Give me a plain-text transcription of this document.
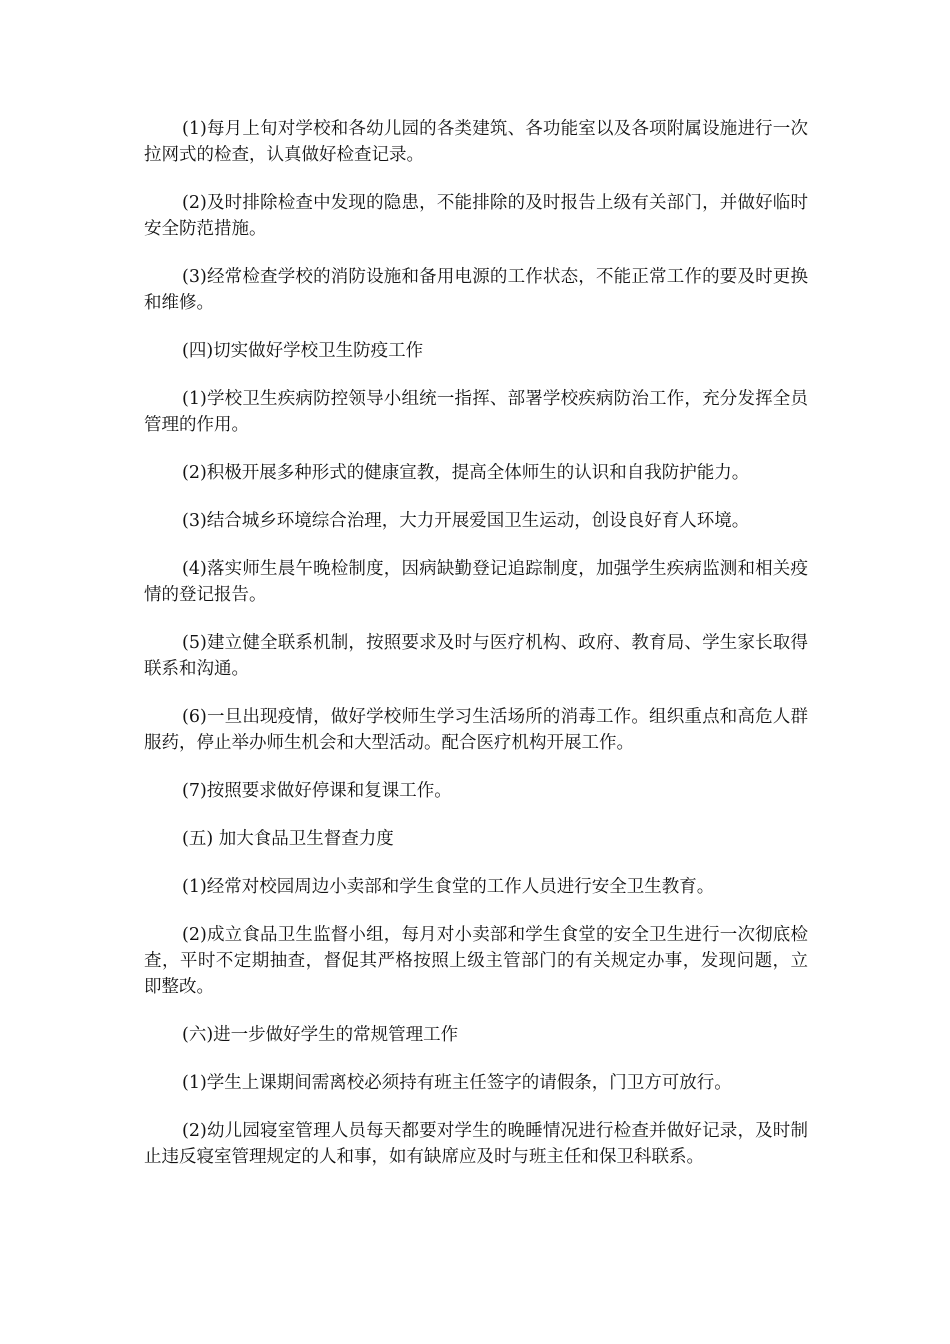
(1)每月上旬对学校和各幼儿园的各类建筑、各功能室以及各项附属设施进行一次拉网式的检查，认真做好检查记录。

(2)及时排除检查中发现的隐患，不能排除的及时报告上级有关部门，并做好临时安全防范措施。

(3)经常检查学校的消防设施和备用电源的工作状态，不能正常工作的要及时更换和维修。

(四)切实做好学校卫生防疫工作

(1)学校卫生疾病防控领导小组统一指挥、部署学校疾病防治工作，充分发挥全员管理的作用。

(2)积极开展多种形式的健康宣教，提高全体师生的认识和自我防护能力。

(3)结合城乡环境综合治理，大力开展爱国卫生运动，创设良好育人环境。

(4)落实师生晨午晚检制度，因病缺勤登记追踪制度，加强学生疾病监测和相关疫情的登记报告。

(5)建立健全联系机制，按照要求及时与医疗机构、政府、教育局、学生家长取得联系和沟通。

(6)一旦出现疫情，做好学校师生学习生活场所的消毒工作。组织重点和高危人群服药，停止举办师生机会和大型活动。配合医疗机构开展工作。

(7)按照要求做好停课和复课工作。

(五) 加大食品卫生督查力度

(1)经常对校园周边小卖部和学生食堂的工作人员进行安全卫生教育。

(2)成立食品卫生监督小组，每月对小卖部和学生食堂的安全卫生进行一次彻底检查，平时不定期抽查，督促其严格按照上级主管部门的有关规定办事，发现问题，立即整改。

(六)进一步做好学生的常规管理工作

(1)学生上课期间需离校必须持有班主任签字的请假条，门卫方可放行。

(2)幼儿园寝室管理人员每天都要对学生的晚睡情况进行检查并做好记录，及时制止违反寝室管理规定的人和事，如有缺席应及时与班主任和保卫科联系。
